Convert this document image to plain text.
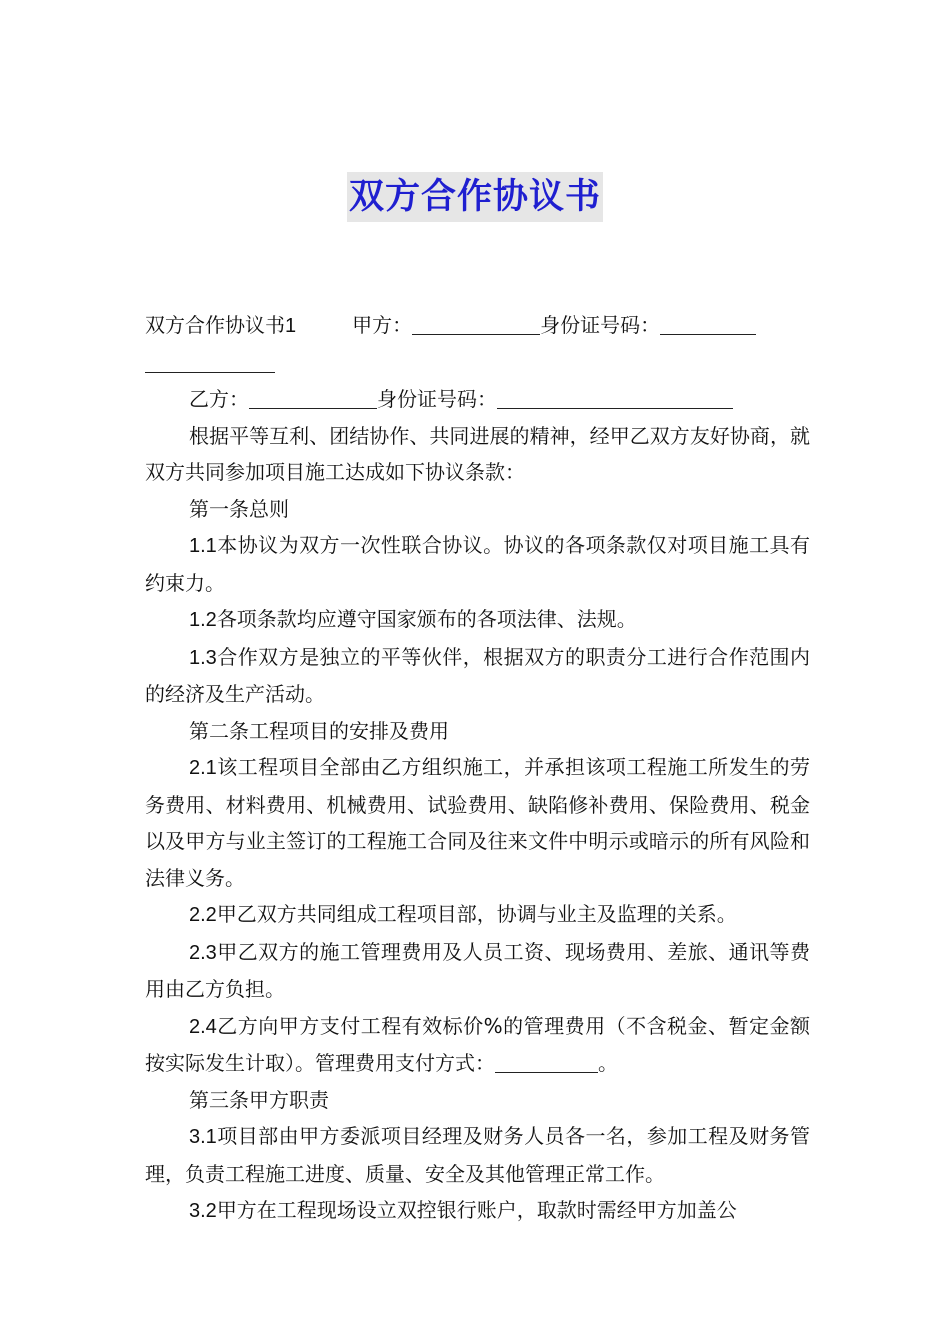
双方合作协议书

双方合作协议书1	甲方：	身份证号码：

乙方：	身份证号码：

根据平等互利、团结协作、共同进展的精神，经甲乙双方友好协商，就双方共同参加项目施工达成如下协议条款：

第一条总则

1.1本协议为双方一次性联合协议。协议的各项条款仅对项目施工具有约束力。

1.2各项条款均应遵守国家颁布的各项法律、法规。

1.3合作双方是独立的平等伙伴，根据双方的职责分工进行合作范围内的经济及生产活动。

第二条工程项目的安排及费用

2.1该工程项目全部由乙方组织施工，并承担该项工程施工所发生的劳务费用、材料费用、机械费用、试验费用、缺陷修补费用、保险费用、税金以及甲方与业主签订的工程施工合同及往来文件中明示或暗示的所有风险和法律义务。

2.2甲乙双方共同组成工程项目部，协调与业主及监理的关系。

2.3甲乙双方的施工管理费用及人员工资、现场费用、差旅、通讯等费用由乙方负担。

2.4乙方向甲方支付工程有效标价%的管理费用（不含税金、暂定金额按实际发生计取）。管理费用支付方式：	。

第三条甲方职责

3.1项目部由甲方委派项目经理及财务人员各一名，参加工程及财务管理，负责工程施工进度、质量、安全及其他管理正常工作。

3.2甲方在工程现场设立双控银行账户，取款时需经甲方加盖公
